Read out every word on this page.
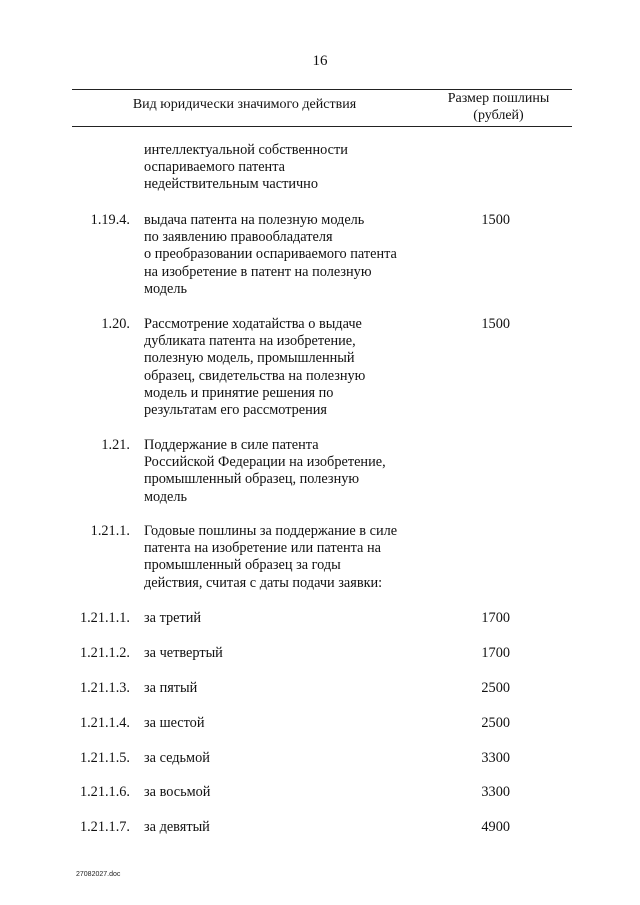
16
Вид юридически значимого действия	Размер пошлины
(рублей)
интеллектуальной собственности
оспариваемого патента
недействительным частично
1.19.4. выдача патента на полезную модель
по заявлению правообладателя
о преобразовании оспариваемого патента
на изобретение в патент на полезную
модель
1500
1.20. Рассмотрение ходатайства о выдаче
дубликата патента на изобретение,
полезную модель, промышленный
образец, свидетельства на полезную
модель и принятие решения по
результатам его рассмотрения
1500
1.21. Поддержание в силе патента
Российской Федерации на изобретение,
промышленный образец, полезную
модель
1.21.1. Годовые пошлины за поддержание в силе
патента на изобретение или патента на
промышленный образец за годы
действия, считая с даты подачи заявки:
1.21.1.1. за третий	1700
1.21.1.2. за четвертый	1700
1.21.1.3. за пятый	2500
1.21.1.4. за шестой	2500
1.21.1.5. за седьмой	3300
1.21.1.6. за восьмой	3300
1.21.1.7. за девятый	4900
27082027.doc
